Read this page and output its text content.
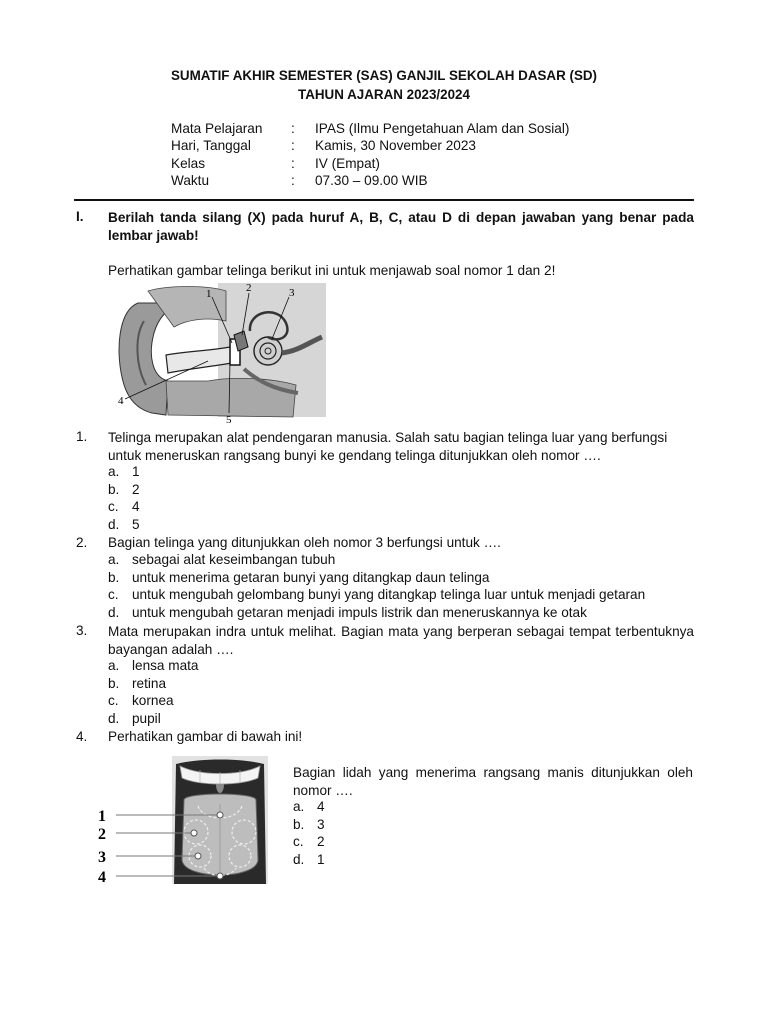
SUMATIF AKHIR SEMESTER (SAS) GANJIL SEKOLAH DASAR (SD)
TAHUN AJARAN 2023/2024
Mata Pelajaran : IPAS (Ilmu Pengetahuan Alam dan Sosial)
Hari, Tanggal	: Kamis, 30 November 2023
Kelas	: IV (Empat)
Waktu	: 07.30 – 09.00 WIB
I. Berilah tanda silang (X) pada huruf A, B, C, atau D di depan jawaban yang benar pada lembar jawab!
Perhatikan gambar telinga berikut ini untuk menjawab soal nomor 1 dan 2!
1	2	3
4
5
1. Telinga merupakan alat pendengaran manusia. Salah satu bagian telinga luar yang berfungsi untuk meneruskan rangsang bunyi ke gendang telinga ditunjukkan oleh nomor ….
a. 1
b. 2
c. 4
d. 5
2. Bagian telinga yang ditunjukkan oleh nomor 3 berfungsi untuk ….
a. sebagai alat keseimbangan tubuh
b. untuk menerima getaran bunyi yang ditangkap daun telinga
c. untuk mengubah gelombang bunyi yang ditangkap telinga luar untuk menjadi getaran
d. untuk mengubah getaran menjadi impuls listrik dan meneruskannya ke otak
3. Mata merupakan indra untuk melihat. Bagian mata yang berperan sebagai tempat terbentuknya bayangan adalah ….
a. lensa mata
b. retina
c. kornea
d. pupil
4. Perhatikan gambar di bawah ini!
1
2
3
4
Bagian lidah yang menerima rangsang manis ditunjukkan oleh nomor ….
a. 4
b. 3
c. 2
d. 1
